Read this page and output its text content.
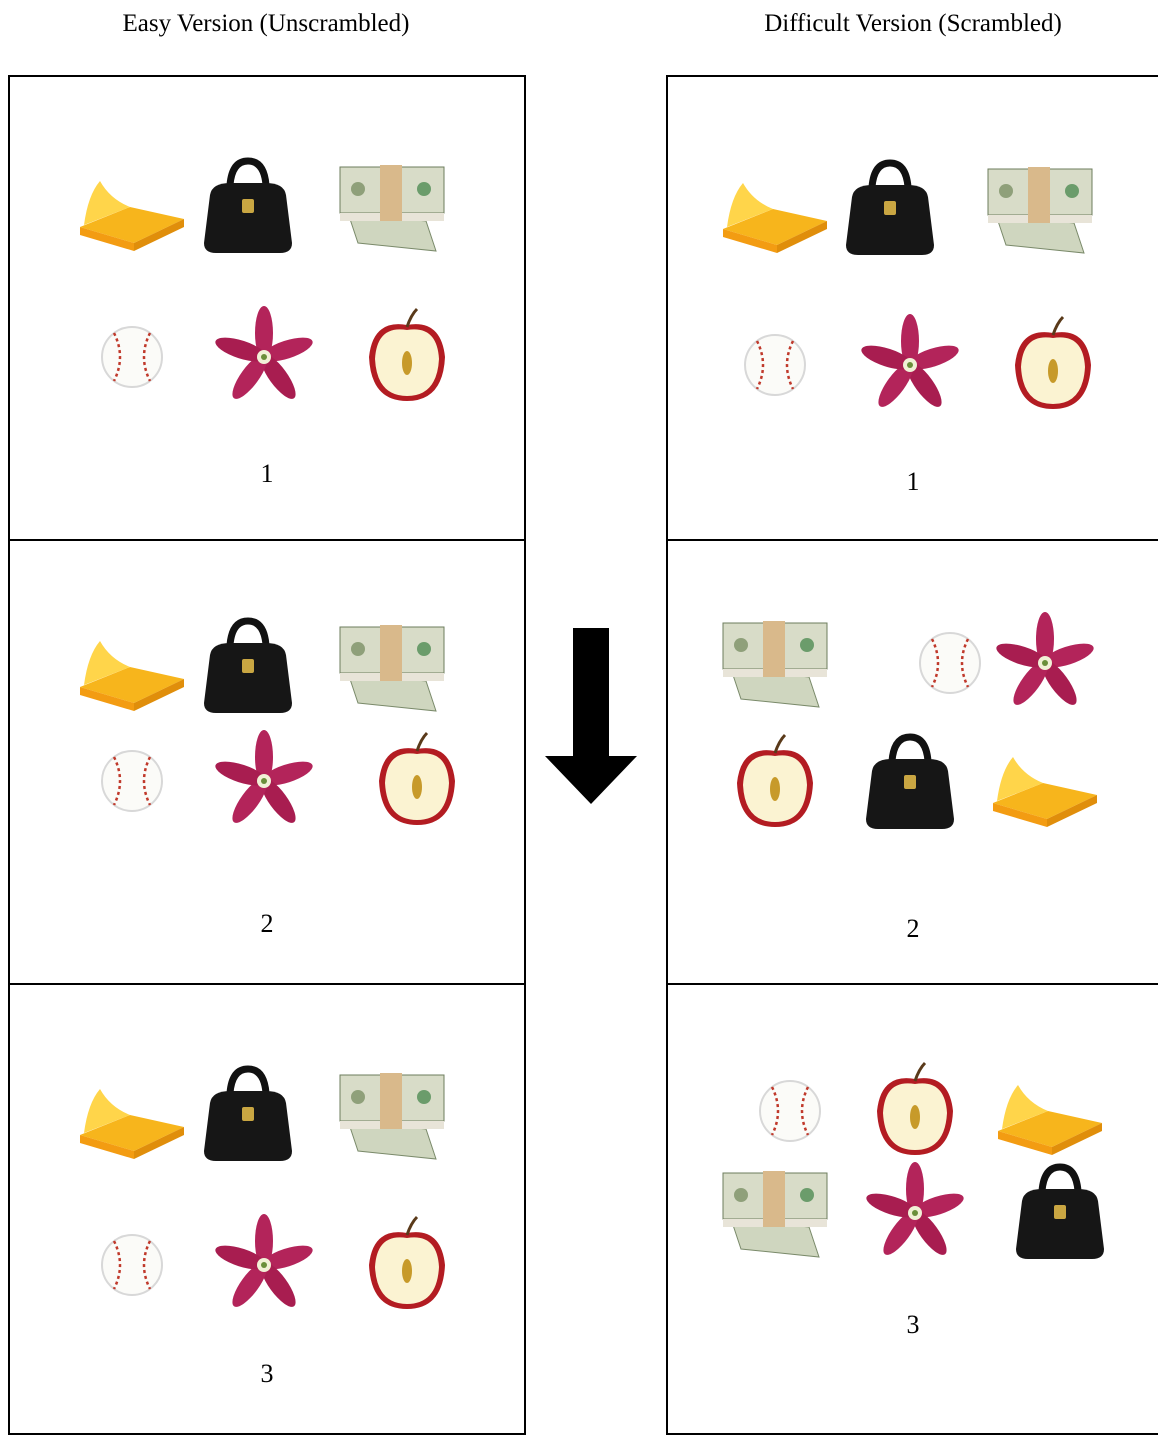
Easy Version (Unscrambled)	Difficult Version (Scrambled)
1
2
3
1
2
3
